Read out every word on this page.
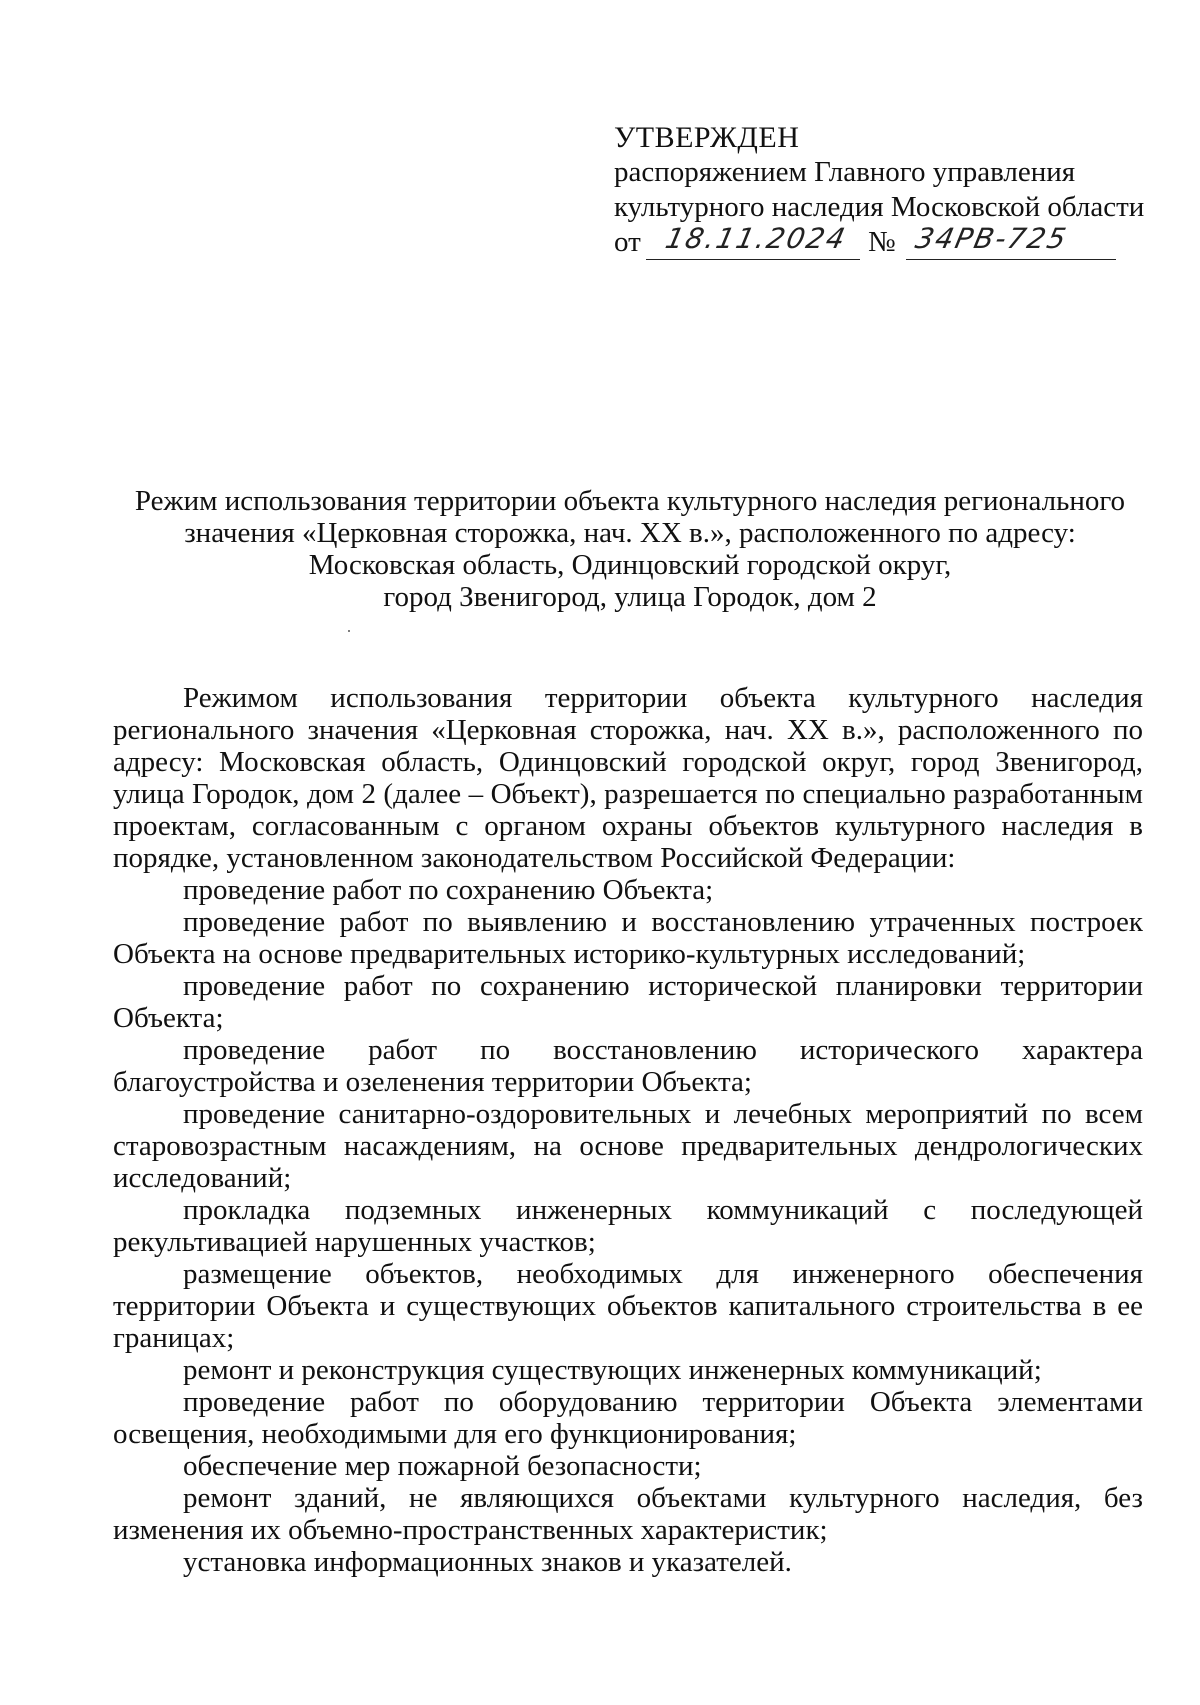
УТВЕРЖДЕН
распоряжением Главного управления
культурного наследия Московской области
от 18.11.2024 № 34РВ-725
Режим использования территории объекта культурного наследия регионального
значения «Церковная сторожка, нач. XX в.», расположенного по адресу:
Московская область, Одинцовский городской округ,
город Звенигород, улица Городок, дом 2

Режимом использования территории объекта культурного наследия регионального значения «Церковная сторожка, нач. XX в.», расположенного по адресу: Московская область, Одинцовский городской округ, город Звенигород, улица Городок, дом 2 (далее – Объект), разрешается по специально разработанным проектам, согласованным с органом охраны объектов культурного наследия в порядке, установленном законодательством Российской Федерации:

проведение работ по сохранению Объекта;

проведение работ по выявлению и восстановлению утраченных построек Объекта на основе предварительных историко-культурных исследований;

проведение работ по сохранению исторической планировки территории Объекта;

проведение работ по восстановлению исторического характера благоустройства и озеленения территории Объекта;

проведение санитарно-оздоровительных и лечебных мероприятий по всем старовозрастным насаждениям, на основе предварительных дендрологических исследований;

прокладка подземных инженерных коммуникаций с последующей рекультивацией нарушенных участков;

размещение объектов, необходимых для инженерного обеспечения территории Объекта и существующих объектов капитального строительства в ее границах;

ремонт и реконструкция существующих инженерных коммуникаций;

проведение работ по оборудованию территории Объекта элементами освещения, необходимыми для его функционирования;

обеспечение мер пожарной безопасности;

ремонт зданий, не являющихся объектами культурного наследия, без изменения их объемно-пространственных характеристик;

установка информационных знаков и указателей.
